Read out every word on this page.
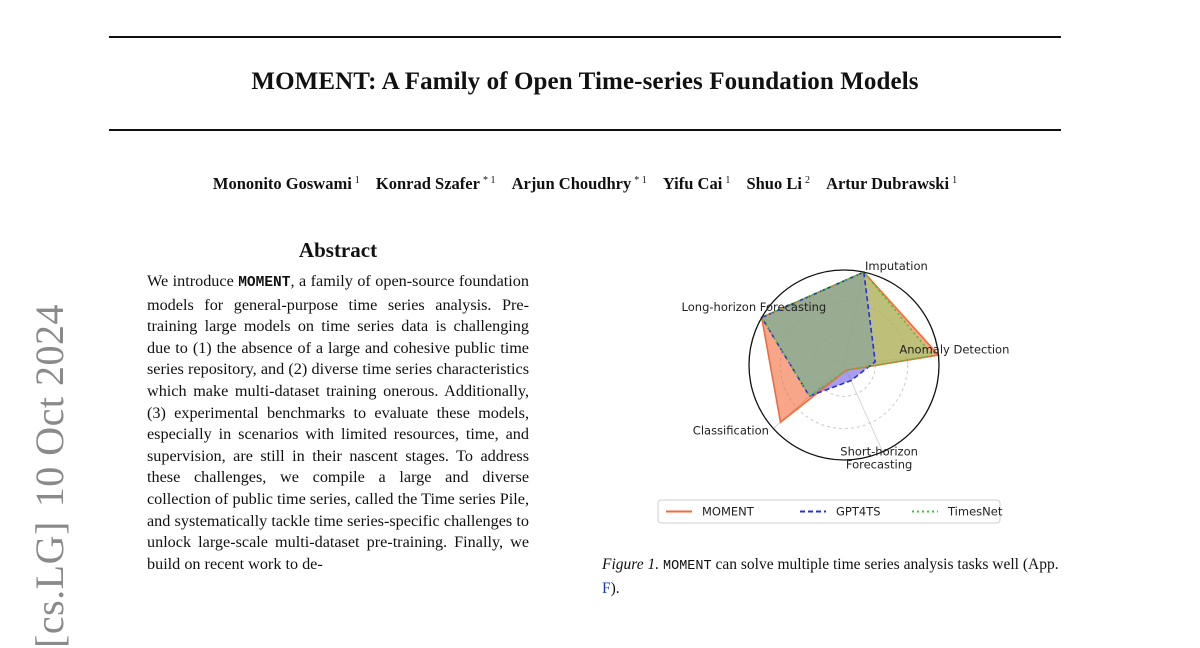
MOMENT: A Family of Open Time-series Foundation Models
Mononito Goswami $^1$ Konrad Szafer $^{* 1}$ Arjun Choudhry $^{* 1}$ Yifu Cai $^1$ Shuo Li $^2$ Artur Dubrawski $^1$
[cs.LG]10 Oct 2024
Abstract
We introduce MOMENT, a family of open-source foundation models for general-purpose time series analysis. Pre-training large models on time series data is challenging due to (1) the absence of a large and cohesive public time series repository, and (2) diverse time series characteristics which make multi-dataset training onerous. Additionally, (3) experimental benchmarks to evaluate these models, especially in scenarios with limited resources, time, and supervision, are still in their nascent stages. To address these challenges, we compile a large and diverse collection of public time series, called the Time series Pile, and systematically tackle time series-specific challenges to unlock large-scale multi-dataset pre-training. Finally, we build on recent work to de-
Long-horizon Forecasting
Imputation
Anomaly Detection
Short-horizon Forecasting
Classification
MOMENT	GPT4TS	TimesNet
Figure 1. MOMENT can solve multiple time series analysis tasks well (App. F).
